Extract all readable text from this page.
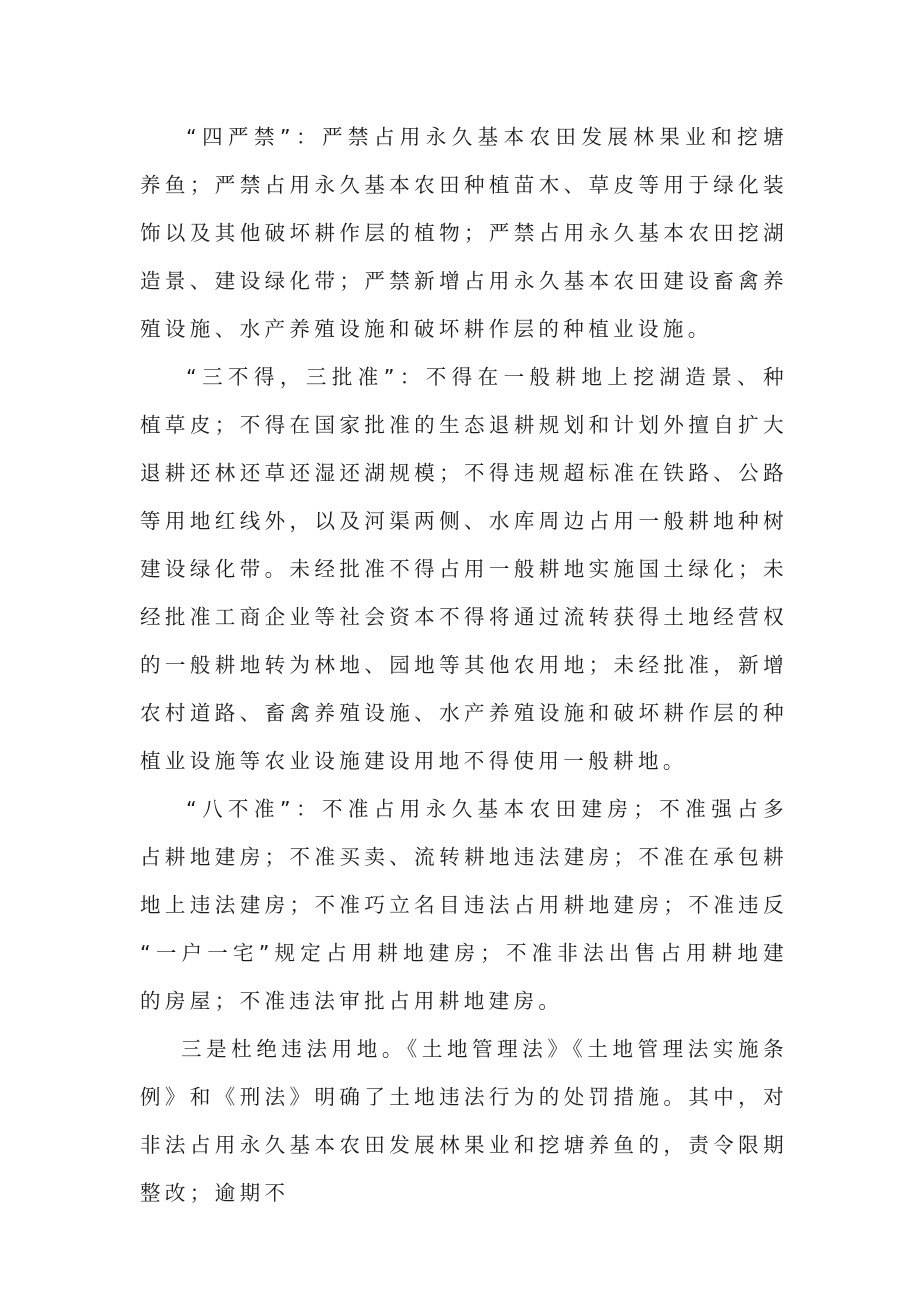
“四严禁”：严禁占用永久基本农田发展林果业和挖塘养鱼；严禁占用永久基本农田种植苗木、草皮等用于绿化装饰以及其他破坏耕作层的植物；严禁占用永久基本农田挖湖造景、建设绿化带；严禁新增占用永久基本农田建设畜禽养殖设施、水产养殖设施和破坏耕作层的种植业设施。

“三不得，三批准”：不得在一般耕地上挖湖造景、种植草皮；不得在国家批准的生态退耕规划和计划外擅自扩大退耕还林还草还湿还湖规模；不得违规超标准在铁路、公路等用地红线外，以及河渠两侧、水库周边占用一般耕地种树建设绿化带。未经批准不得占用一般耕地实施国土绿化；未经批准工商企业等社会资本不得将通过流转获得土地经营权的一般耕地转为林地、园地等其他农用地；未经批准，新增农村道路、畜禽养殖设施、水产养殖设施和破坏耕作层的种植业设施等农业设施建设用地不得使用一般耕地。

“八不准”：不准占用永久基本农田建房；不准强占多占耕地建房；不准买卖、流转耕地违法建房；不准在承包耕地上违法建房；不准巧立名目违法占用耕地建房；不准违反“一户一宅”规定占用耕地建房；不准非法出售占用耕地建的房屋；不准违法审批占用耕地建房。

三是杜绝违法用地。《土地管理法》《土地管理法实施条例》和《刑法》明确了土地违法行为的处罚措施。其中，对非法占用永久基本农田发展林果业和挖塘养鱼的，责令限期整改；逾期不
